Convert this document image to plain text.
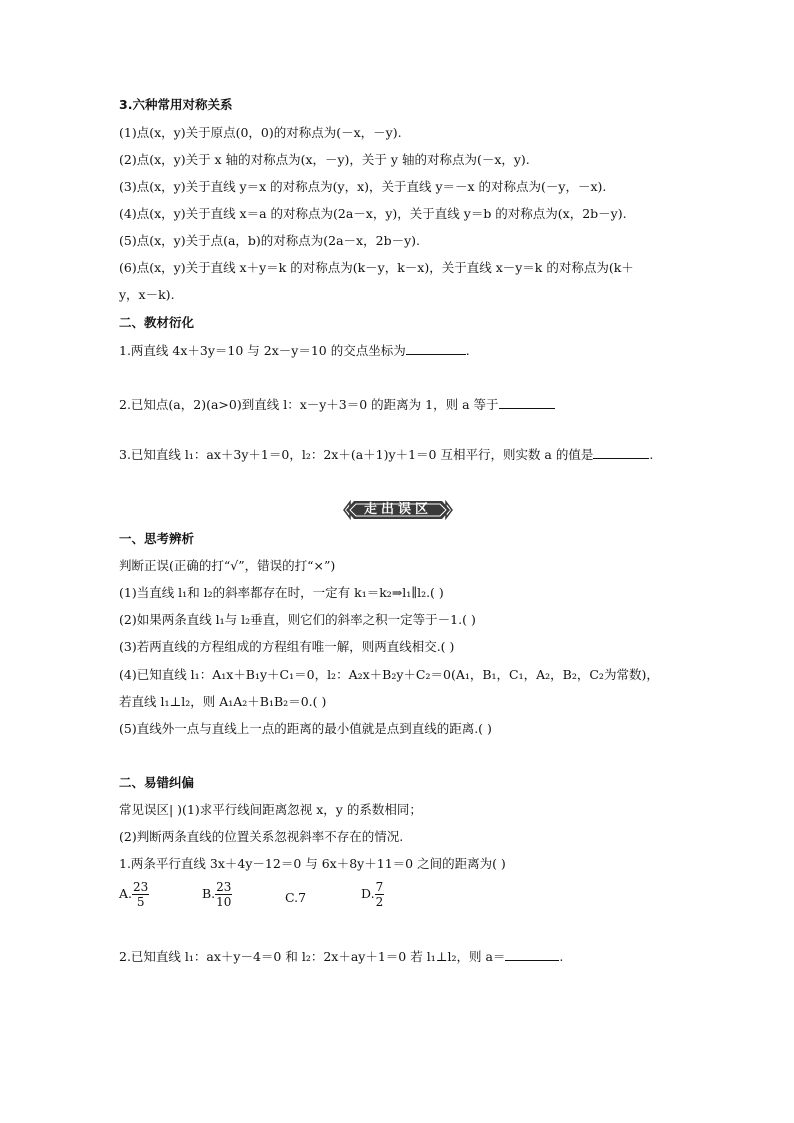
3.六种常用对称关系
(1)点(x，y)关于原点(0，0)的对称点为(－x，－y).
(2)点(x，y)关于 x 轴的对称点为(x，－y)，关于 y 轴的对称点为(－x，y).
(3)点(x，y)关于直线 y＝x 的对称点为(y，x)，关于直线 y＝－x 的对称点为(－y，－x).
(4)点(x，y)关于直线 x＝a 的对称点为(2a－x，y)，关于直线 y＝b 的对称点为(x，2b－y).
(5)点(x，y)关于点(a，b)的对称点为(2a－x，2b－y).
(6)点(x，y)关于直线 x＋y＝k 的对称点为(k－y，k－x)，关于直线 x－y＝k 的对称点为(k＋
y，x－k).
二、教材衍化
1.两直线 4x＋3y＝10 与 2x－y＝10 的交点坐标为	.
2.已知点(a，2)(a>0)到直线 l：x－y＋3＝0 的距离为 1，则 a 等于
3.已知直线 l₁：ax＋3y＋1＝0，l₂：2x＋(a＋1)y＋1＝0 互相平行，则实数 a 的值是	.
走出误区
一、思考辨析
判断正误(正确的打“√”，错误的打“×”)
(1)当直线 l₁和 l₂的斜率都存在时，一定有 k₁＝k₂⇒l₁∥l₂.( )
(2)如果两条直线 l₁与 l₂垂直，则它们的斜率之积一定等于－1.( )
(3)若两直线的方程组成的方程组有唯一解，则两直线相交.( )
(4)已知直线 l₁：A₁x＋B₁y＋C₁＝0，l₂：A₂x＋B₂y＋C₂＝0(A₁，B₁，C₁，A₂，B₂，C₂为常数)，
若直线 l₁⊥l₂，则 A₁A₂＋B₁B₂＝0.( )
(5)直线外一点与直线上一点的距离的最小值就是点到直线的距离.( )
二、易错纠偏
常见误区| )(1)求平行线间距离忽视 x，y 的系数相同；
(2)判断两条直线的位置关系忽视斜率不存在的情况.
1.两条平行直线 3x＋4y－12＝0 与 6x＋8y＋11＝0 之间的距离为( )
A. $\frac{23}{5}$	B. $\frac{23}{10}$	C.7	D. $\frac{7}{2}$
2.已知直线 l₁：ax＋y－4＝0 和 l₂：2x＋ay＋1＝0 若 l₁⊥l₂，则 a＝	.
